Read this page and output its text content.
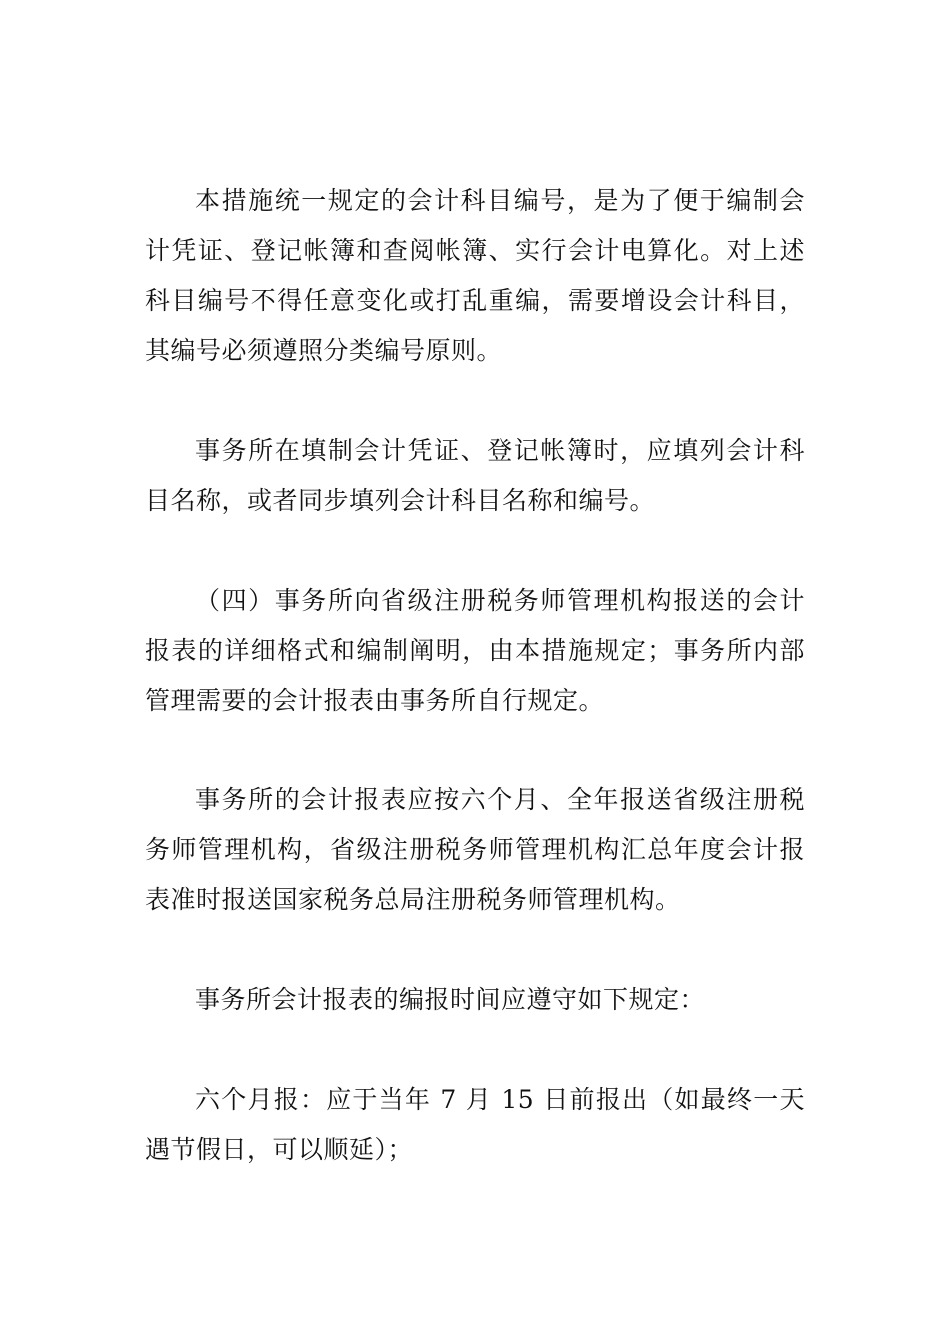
本措施统一规定的会计科目编号，是为了便于编制会计凭证、登记帐簿和查阅帐簿、实行会计电算化。对上述科目编号不得任意变化或打乱重编，需要增设会计科目，其编号必须遵照分类编号原则。

事务所在填制会计凭证、登记帐簿时，应填列会计科目名称，或者同步填列会计科目名称和编号。

（四）事务所向省级注册税务师管理机构报送的会计报表的详细格式和编制阐明，由本措施规定；事务所内部管理需要的会计报表由事务所自行规定。

事务所的会计报表应按六个月、全年报送省级注册税务师管理机构，省级注册税务师管理机构汇总年度会计报表准时报送国家税务总局注册税务师管理机构。

事务所会计报表的编报时间应遵守如下规定：

六个月报：应于当年 7 月 15 日前报出（如最终一天遇节假日，可以顺延）；
